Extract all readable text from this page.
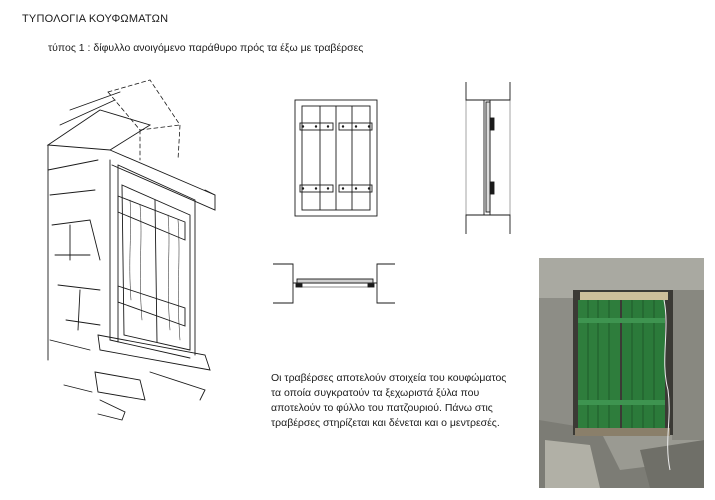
ΤΥΠΟΛΟΓΙΑ ΚΟΥΦΩΜΑΤΩΝ
τύπος 1 : δίφυλλο ανοιγόμενο παράθυρο πρός τα έξω με τραβέρσες
Οι τραβέρσες αποτελούν στοιχεία του κουφώματος
τα οποία συγκρατούν τα ξεχωριστά ξύλα που
αποτελούν το φύλλο του πατζουριού. Πάνω στις
τραβέρσες στηρίζεται και δένεται και ο μεντρεσές.
